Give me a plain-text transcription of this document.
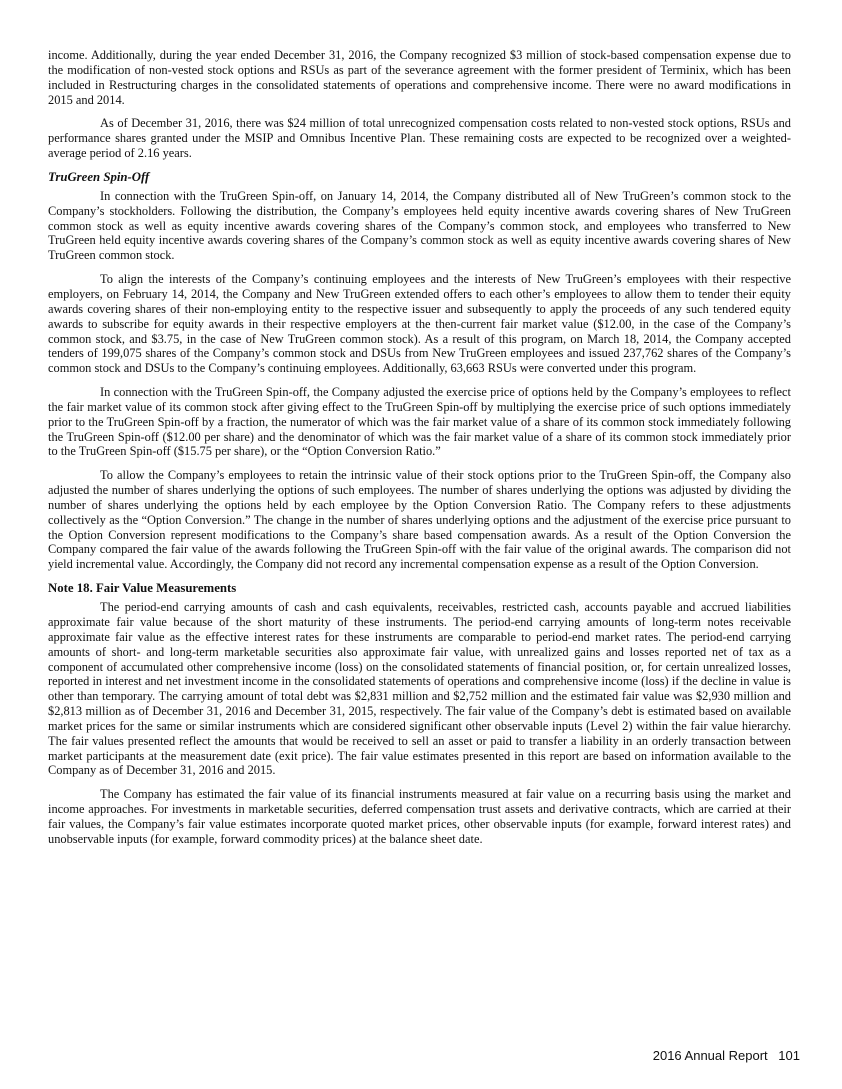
income. Additionally, during the year ended December 31, 2016, the Company recognized $3 million of stock-based compensation expense due to the modification of non-vested stock options and RSUs as part of the severance agreement with the former president of Terminix, which has been included in Restructuring charges in the consolidated statements of operations and comprehensive income. There were no award modifications in 2015 and 2014.

As of December 31, 2016, there was $24 million of total unrecognized compensation costs related to non-vested stock options, RSUs and performance shares granted under the MSIP and Omnibus Incentive Plan. These remaining costs are expected to be recognized over a weighted-average period of 2.16 years.

TruGreen Spin-Off

In connection with the TruGreen Spin-off, on January 14, 2014, the Company distributed all of New TruGreen’s common stock to the Company’s stockholders. Following the distribution, the Company’s employees held equity incentive awards covering shares of New TruGreen common stock as well as equity incentive awards covering shares of the Company’s common stock, and employees who transferred to New TruGreen held equity incentive awards covering shares of the Company’s common stock as well as equity incentive awards covering shares of New TruGreen common stock.

To align the interests of the Company’s continuing employees and the interests of New TruGreen’s employees with their respective employers, on February 14, 2014, the Company and New TruGreen extended offers to each other’s employees to allow them to tender their equity awards covering shares of their non-employing entity to the respective issuer and subsequently to apply the proceeds of any such tendered equity awards to subscribe for equity awards in their respective employers at the then-current fair market value ($12.00, in the case of the Company’s common stock, and $3.75, in the case of New TruGreen common stock). As a result of this program, on March 18, 2014, the Company accepted tenders of 199,075 shares of the Company’s common stock and DSUs from New TruGreen employees and issued 237,762 shares of the Company’s common stock and DSUs to the Company’s continuing employees. Additionally, 63,663 RSUs were converted under this program.

In connection with the TruGreen Spin-off, the Company adjusted the exercise price of options held by the Company’s employees to reflect the fair market value of its common stock after giving effect to the TruGreen Spin-off by multiplying the exercise price of such options immediately prior to the TruGreen Spin-off by a fraction, the numerator of which was the fair market value of a share of its common stock immediately following the TruGreen Spin-off ($12.00 per share) and the denominator of which was the fair market value of a share of its common stock immediately prior to the TruGreen Spin-off ($15.75 per share), or the “Option Conversion Ratio.”

To allow the Company’s employees to retain the intrinsic value of their stock options prior to the TruGreen Spin-off, the Company also adjusted the number of shares underlying the options of such employees. The number of shares underlying the options was adjusted by dividing the number of shares underlying the options held by each employee by the Option Conversion Ratio. The Company refers to these adjustments collectively as the “Option Conversion.” The change in the number of shares underlying options and the adjustment of the exercise price pursuant to the Option Conversion represent modifications to the Company’s share based compensation awards. As a result of the Option Conversion the Company compared the fair value of the awards following the TruGreen Spin-off with the fair value of the original awards. The comparison did not yield incremental value. Accordingly, the Company did not record any incremental compensation expense as a result of the Option Conversion.

Note 18. Fair Value Measurements

The period-end carrying amounts of cash and cash equivalents, receivables, restricted cash, accounts payable and accrued liabilities approximate fair value because of the short maturity of these instruments. The period-end carrying amounts of long-term notes receivable approximate fair value as the effective interest rates for these instruments are comparable to period-end market rates. The period-end carrying amounts of short- and long-term marketable securities also approximate fair value, with unrealized gains and losses reported net of tax as a component of accumulated other comprehensive income (loss) on the consolidated statements of financial position, or, for certain unrealized losses, reported in interest and net investment income in the consolidated statements of operations and comprehensive income (loss) if the decline in value is other than temporary. The carrying amount of total debt was $2,831 million and $2,752 million and the estimated fair value was $2,930 million and $2,813 million as of December 31, 2016 and December 31, 2015, respectively. The fair value of the Company’s debt is estimated based on available market prices for the same or similar instruments which are considered significant other observable inputs (Level 2) within the fair value hierarchy. The fair values presented reflect the amounts that would be received to sell an asset or paid to transfer a liability in an orderly transaction between market participants at the measurement date (exit price). The fair value estimates presented in this report are based on information available to the Company as of December 31, 2016 and 2015.

The Company has estimated the fair value of its financial instruments measured at fair value on a recurring basis using the market and income approaches. For investments in marketable securities, deferred compensation trust assets and derivative contracts, which are carried at their fair values, the Company’s fair value estimates incorporate quoted market prices, other observable inputs (for example, forward interest rates) and unobservable inputs (for example, forward commodity prices) at the balance sheet date.

2016 Annual Report 101
